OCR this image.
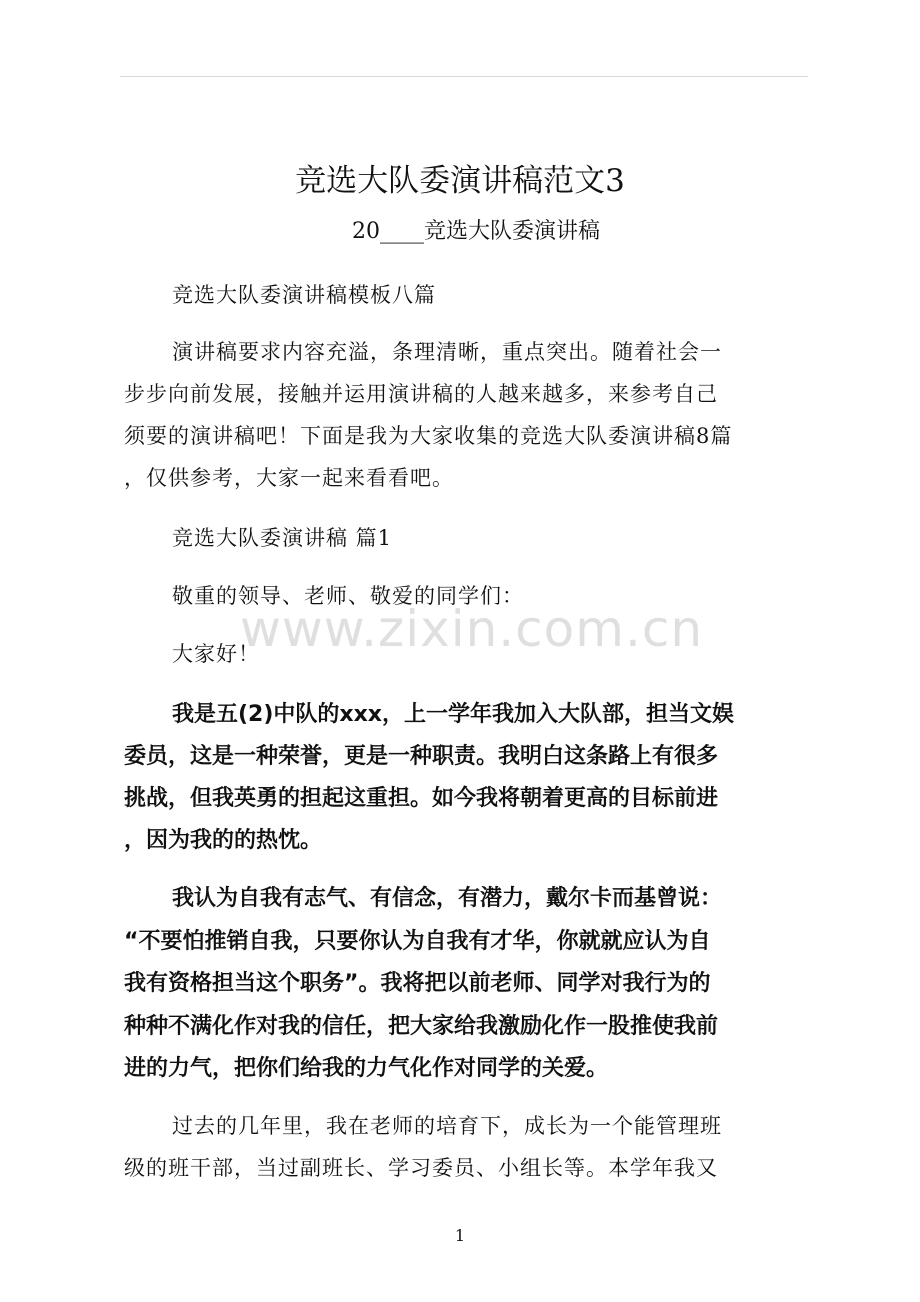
竞选大队委演讲稿范文3
20____竞选大队委演讲稿
竞选大队委演讲稿模板八篇
演讲稿要求内容充溢，条理清晰，重点突出。随着社会一
步步向前发展，接触并运用演讲稿的人越来越多，来参考自己
须要的演讲稿吧！下面是我为大家收集的竞选大队委演讲稿8篇
，仅供参考，大家一起来看看吧。
竞选大队委演讲稿 篇1
敬重的领导、老师、敬爱的同学们：
大家好！
我是五(2)中队的xxx，上一学年我加入大队部，担当文娱
委员，这是一种荣誉，更是一种职责。我明白这条路上有很多
挑战，但我英勇的担起这重担。如今我将朝着更高的目标前进
，因为我的的热忱。
我认为自我有志气、有信念，有潜力，戴尔卡而基曾说：
“不要怕推销自我，只要你认为自我有才华，你就就应认为自
我有资格担当这个职务”。我将把以前老师、同学对我行为的
种种不满化作对我的信任，把大家给我激励化作一股推使我前
进的力气，把你们给我的力气化作对同学的关爱。
过去的几年里，我在老师的培育下，成长为一个能管理班
级的班干部，当过副班长、学习委员、小组长等。本学年我又
www.zixin.com.cn
1
